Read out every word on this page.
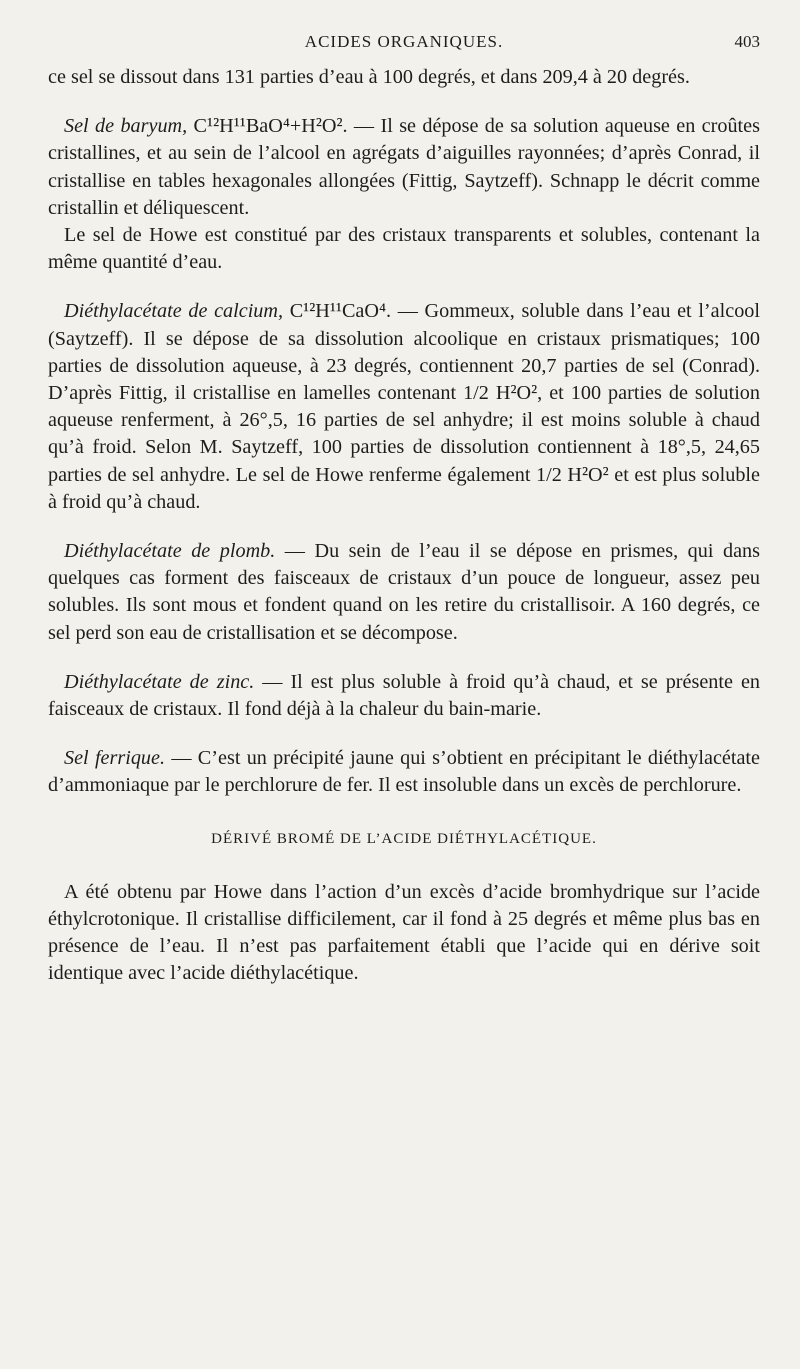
ACIDES ORGANIQUES.	403

ce sel se dissout dans 131 parties d’eau à 100 degrés, et dans 209,4 à 20 degrés.

Sel de baryum, C¹²H¹¹BaO⁴+H²O². — Il se dépose de sa solution aqueuse en croûtes cristallines, et au sein de l’alcool en agrégats d’aiguilles rayonnées; d’après Conrad, il cristallise en tables hexagonales allongées (Fittig, Saytzeff). Schnapp le décrit comme cristallin et déliquescent.

Le sel de Howe est constitué par des cristaux transparents et solubles, contenant la même quantité d’eau.

Diéthylacétate de calcium, C¹²H¹¹CaO⁴. — Gommeux, soluble dans l’eau et l’alcool (Saytzeff). Il se dépose de sa dissolution alcoolique en cristaux prismatiques; 100 parties de dissolution aqueuse, à 23 degrés, contiennent 20,7 parties de sel (Conrad). D’après Fittig, il cristallise en lamelles contenant 1/2 H²O², et 100 parties de solution aqueuse renferment, à 26°,5, 16 parties de sel anhydre; il est moins soluble à chaud qu’à froid. Selon M. Saytzeff, 100 parties de dissolution contiennent à 18°,5, 24,65 parties de sel anhydre. Le sel de Howe renferme également 1/2 H²O² et est plus soluble à froid qu’à chaud.

Diéthylacétate de plomb. — Du sein de l’eau il se dépose en prismes, qui dans quelques cas forment des faisceaux de cristaux d’un pouce de longueur, assez peu solubles. Ils sont mous et fondent quand on les retire du cristallisoir. A 160 degrés, ce sel perd son eau de cristallisation et se décompose.

Diéthylacétate de zinc. — Il est plus soluble à froid qu’à chaud, et se présente en faisceaux de cristaux. Il fond déjà à la chaleur du bain-marie.

Sel ferrique. — C’est un précipité jaune qui s’obtient en précipitant le diéthylacétate d’ammoniaque par le perchlorure de fer. Il est insoluble dans un excès de perchlorure.

DÉRIVÉ BROMÉ DE L’ACIDE DIÉTHYLACÉTIQUE.

A été obtenu par Howe dans l’action d’un excès d’acide bromhydrique sur l’acide éthylcrotonique. Il cristallise difficilement, car il fond à 25 degrés et même plus bas en présence de l’eau. Il n’est pas parfaitement établi que l’acide qui en dérive soit identique avec l’acide diéthylacétique.
